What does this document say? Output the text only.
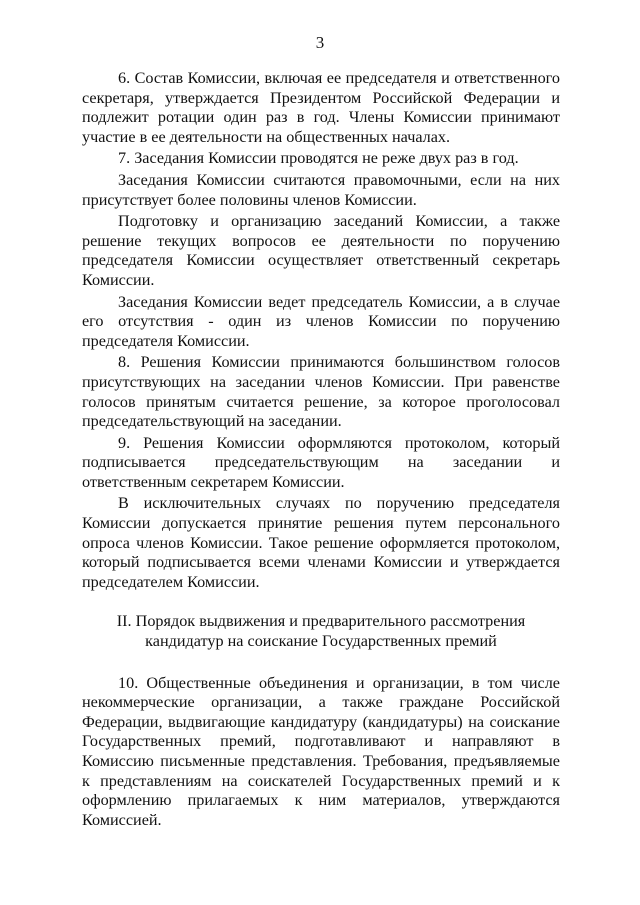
3

6. Состав Комиссии, включая ее председателя и ответственного секретаря, утверждается Президентом Российской Федерации и подлежит ротации один раз в год. Члены Комиссии принимают участие в ее деятельности на общественных началах.

7. Заседания Комиссии проводятся не реже двух раз в год.

Заседания Комиссии считаются правомочными, если на них присутствует более половины членов Комиссии.

Подготовку и организацию заседаний Комиссии, а также решение текущих вопросов ее деятельности по поручению председателя Комиссии осуществляет ответственный секретарь Комиссии.

Заседания Комиссии ведет председатель Комиссии, а в случае его отсутствия - один из членов Комиссии по поручению председателя Комиссии.

8. Решения Комиссии принимаются большинством голосов присутствующих на заседании членов Комиссии. При равенстве голосов принятым считается решение, за которое проголосовал председательствующий на заседании.

9. Решения Комиссии оформляются протоколом, который подписывается председательствующим на заседании и ответственным секретарем Комиссии.

В исключительных случаях по поручению председателя Комиссии допускается принятие решения путем персонального опроса членов Комиссии. Такое решение оформляется протоколом, который подписывается всеми членами Комиссии и утверждается председателем Комиссии.

II. Порядок выдвижения и предварительного рассмотрения
кандидатур на соискание Государственных премий

10. Общественные объединения и организации, в том числе некоммерческие организации, а также граждане Российской Федерации, выдвигающие кандидатуру (кандидатуры) на соискание Государственных премий, подготавливают и направляют в Комиссию письменные представления. Требования, предъявляемые к представлениям на соискателей Государственных премий и к оформлению прилагаемых к ним материалов, утверждаются Комиссией.
